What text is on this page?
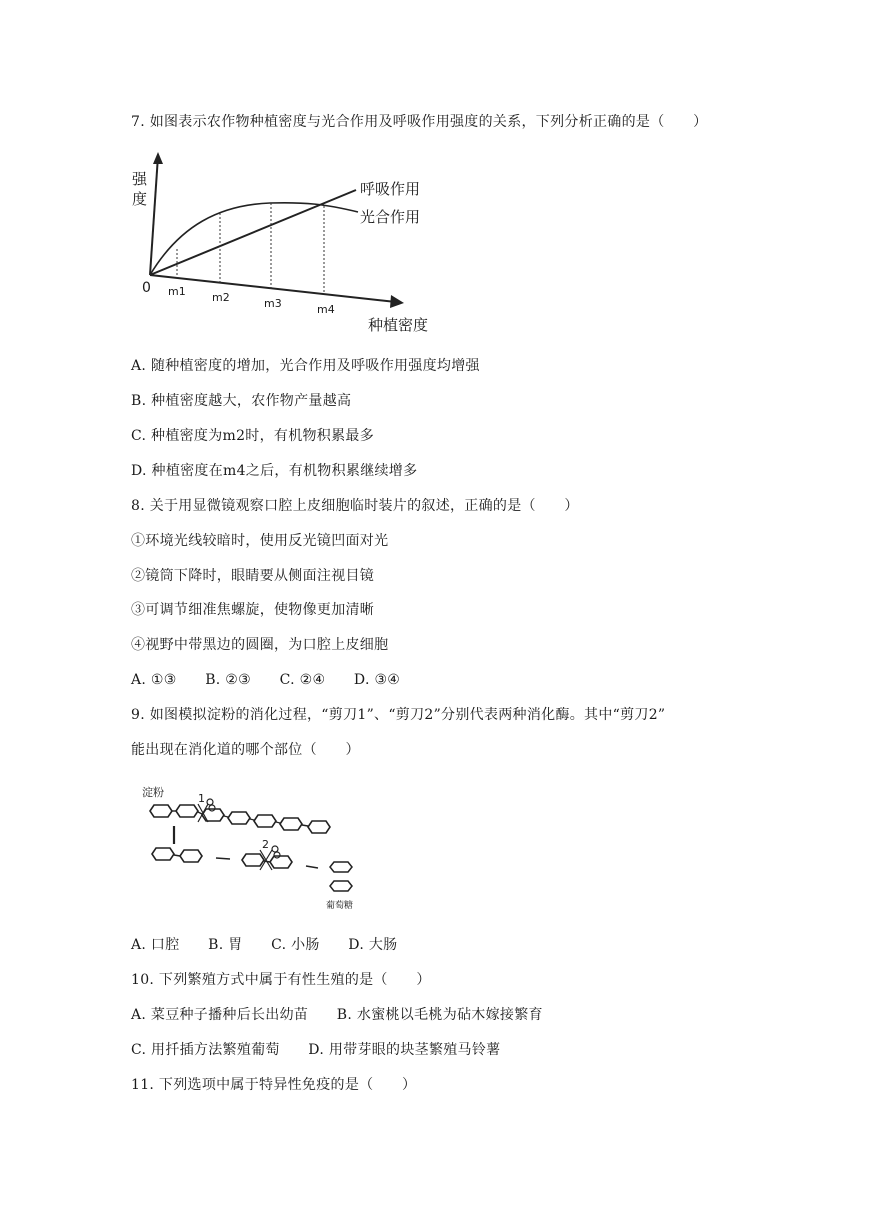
7. 如图表示农作物种植密度与光合作用及呼吸作用强度的关系，下列分析正确的是（　　）
强
度
0
呼吸作用
光合作用
m1 m2	m3	m4
种植密度
A. 随种植密度的增加，光合作用及呼吸作用强度均增强
B. 种植密度越大，农作物产量越高
C. 种植密度为m2时，有机物积累最多
D. 种植密度在m4之后，有机物积累继续增多
8. 关于用显微镜观察口腔上皮细胞临时装片的叙述，正确的是（　　）
①环境光线较暗时，使用反光镜凹面对光
②镜筒下降时，眼睛要从侧面注视目镜
③可调节细准焦螺旋，使物像更加清晰
④视野中带黑边的圆圈，为口腔上皮细胞
A. ①③　　B. ②③　　C. ②④　　D. ③④
9. 如图模拟淀粉的消化过程，“剪刀1”、“剪刀2”分别代表两种消化酶。其中“剪刀2”
能出现在消化道的哪个部位（　　）
淀粉	1
2
葡萄糖
A. 口腔　　B. 胃　　C. 小肠　　D. 大肠
10. 下列繁殖方式中属于有性生殖的是（　　）
A. 菜豆种子播种后长出幼苗　　B. 水蜜桃以毛桃为砧木嫁接繁育
C. 用扦插方法繁殖葡萄　　D. 用带芽眼的块茎繁殖马铃薯
11. 下列选项中属于特异性免疫的是（　　）
